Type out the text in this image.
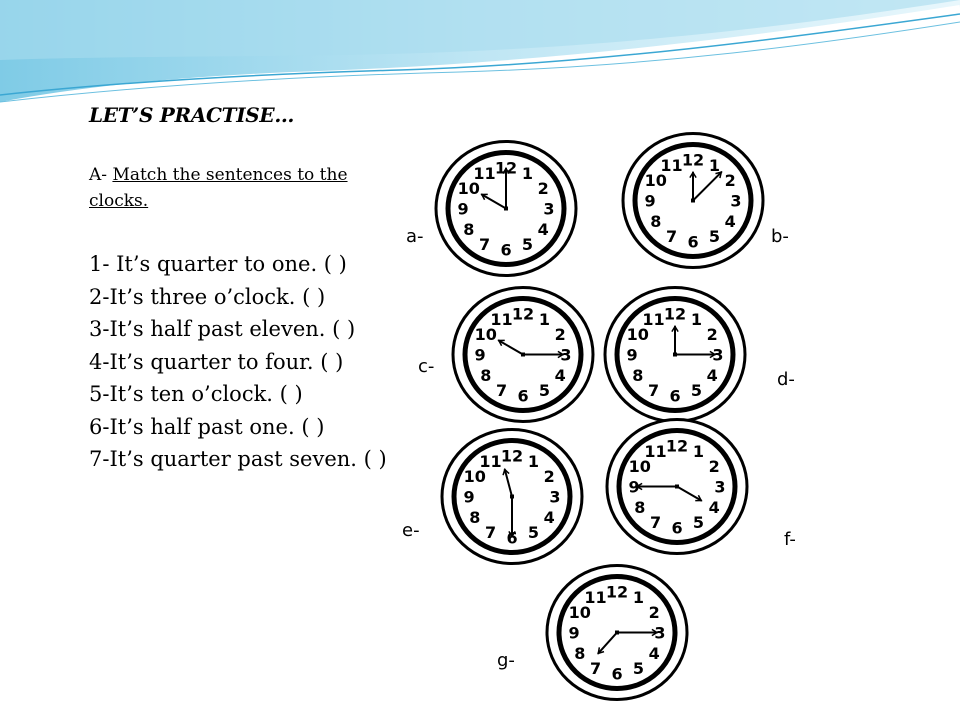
LET’S PRACTISE…

A- Match the sentences to the clocks.
1- It’s quarter to one. ( )
2-It’s three o’clock. ( )
3-It’s half past eleven. ( )
4-It’s quarter to four. ( )
5-It’s ten o’clock. ( )
6-It’s half past one. ( )
7-It’s quarter past seven. ( )
12 1
2
3
4
5
6
7
8
9
10
11
12 1
2
3
4
5
6
7
8
9
10
11
12 1
2
3
4
5
6
7
8
9
10
11	12 1
2
3
4
5
6
7
8
9
10
11
12 1
2
3
4
5
6
7
8
9
10
11
12 1
2
3
4
5
6
7
8
9
10
11
12 1
2
3
4
5
6
7
8
9
10
11
a-	b-
c-
d-
e-	f-
g-
